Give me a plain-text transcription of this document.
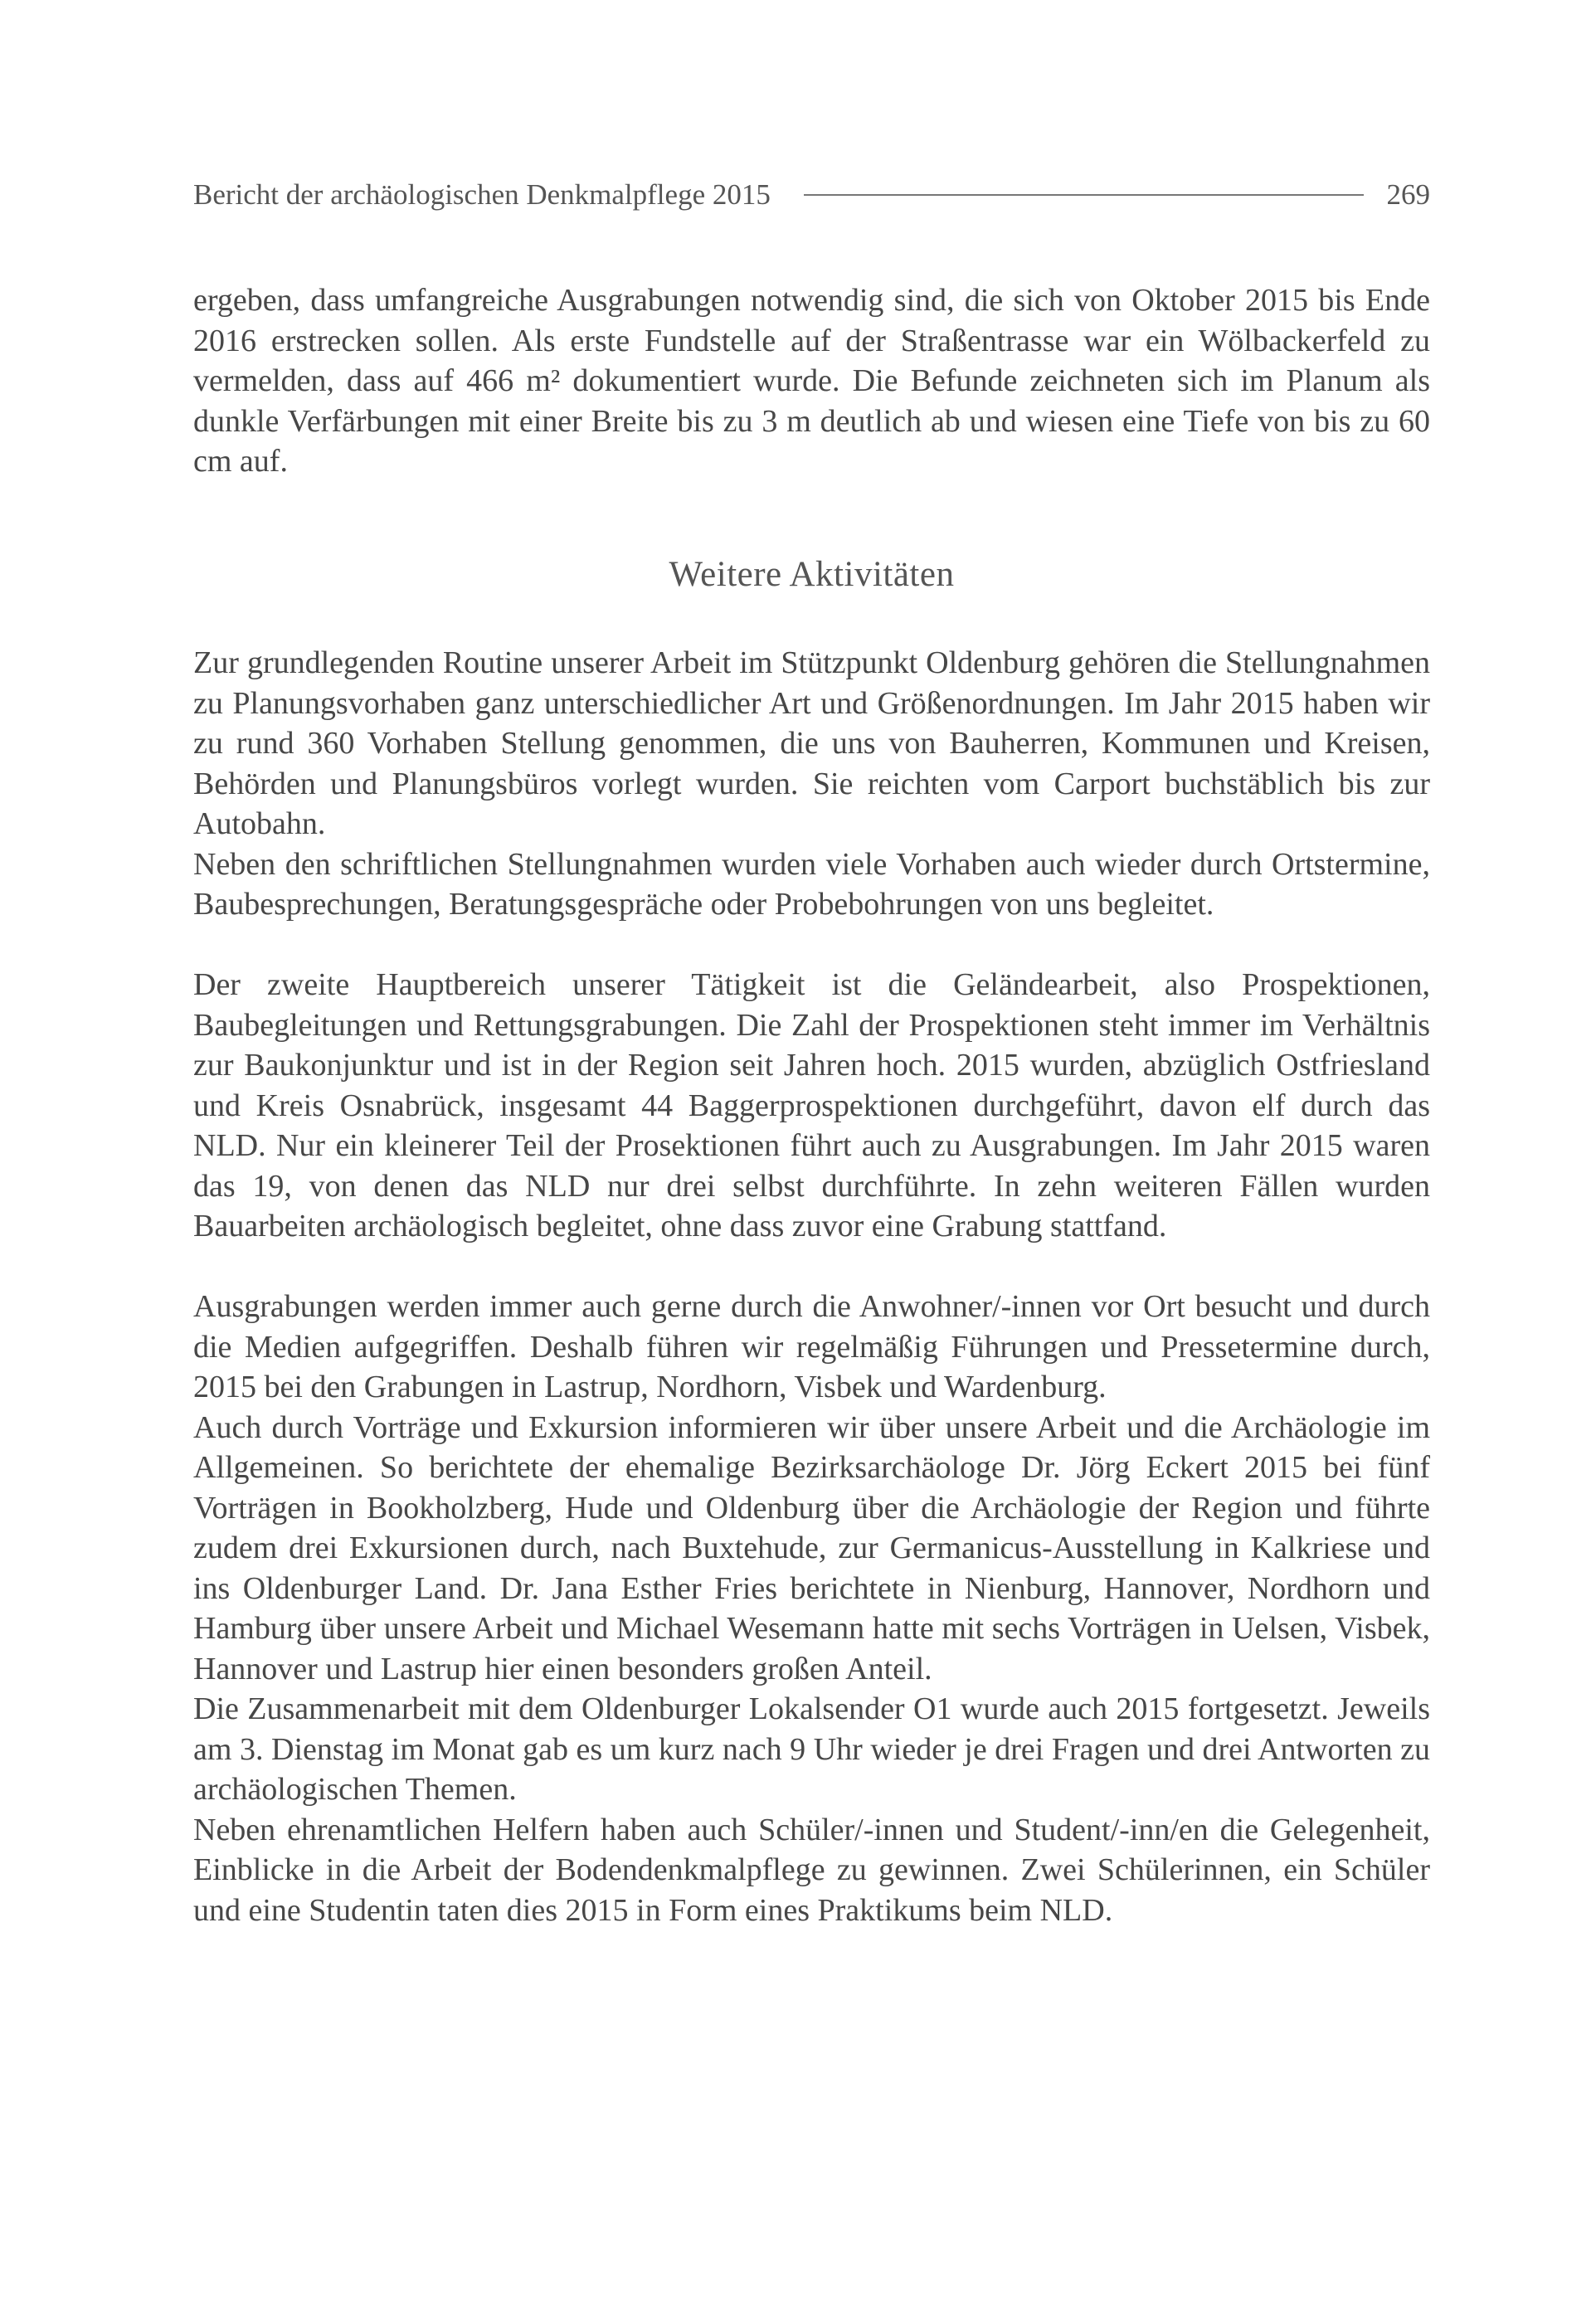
Bericht der archäologischen Denkmalpflege 2015	269

ergeben, dass umfangreiche Ausgrabungen notwendig sind, die sich von Oktober 2015 bis Ende 2016 erstrecken sollen. Als erste Fundstelle auf der Straßentrasse war ein Wölbackerfeld zu vermelden, dass auf 466 m² dokumentiert wurde. Die Befunde zeichneten sich im Planum als dunkle Verfärbungen mit einer Breite bis zu 3 m deutlich ab und wiesen eine Tiefe von bis zu 60 cm auf.

Weitere Aktivitäten

Zur grundlegenden Routine unserer Arbeit im Stützpunkt Oldenburg gehören die Stellungnahmen zu Planungsvorhaben ganz unterschiedlicher Art und Größenordnungen. Im Jahr 2015 haben wir zu rund 360 Vorhaben Stellung genommen, die uns von Bauherren, Kommunen und Kreisen, Behörden und Planungsbüros vorlegt wurden. Sie reichten vom Carport buchstäblich bis zur Autobahn.

Neben den schriftlichen Stellungnahmen wurden viele Vorhaben auch wieder durch Ortstermine, Baubesprechungen, Beratungsgespräche oder Probebohrungen von uns begleitet.

Der zweite Hauptbereich unserer Tätigkeit ist die Geländearbeit, also Prospektionen, Baubegleitungen und Rettungsgrabungen. Die Zahl der Prospektionen steht immer im Verhältnis zur Baukonjunktur und ist in der Region seit Jahren hoch. 2015 wurden, abzüglich Ostfriesland und Kreis Osnabrück, insgesamt 44 Baggerprospektionen durchgeführt, davon elf durch das NLD. Nur ein kleinerer Teil der Prosektionen führt auch zu Ausgrabungen. Im Jahr 2015 waren das 19, von denen das NLD nur drei selbst durchführte. In zehn weiteren Fällen wurden Bauarbeiten archäologisch begleitet, ohne dass zuvor eine Grabung stattfand.

Ausgrabungen werden immer auch gerne durch die Anwohner/-innen vor Ort besucht und durch die Medien aufgegriffen. Deshalb führen wir regelmäßig Führungen und Pressetermine durch, 2015 bei den Grabungen in Lastrup, Nordhorn, Visbek und Wardenburg.

Auch durch Vorträge und Exkursion informieren wir über unsere Arbeit und die Archäologie im Allgemeinen. So berichtete der ehemalige Bezirksarchäologe Dr. Jörg Eckert 2015 bei fünf Vorträgen in Bookholzberg, Hude und Oldenburg über die Archäologie der Region und führte zudem drei Exkursionen durch, nach Buxtehude, zur Germanicus-Ausstellung in Kalkriese und ins Oldenburger Land. Dr. Jana Esther Fries berichtete in Nienburg, Hannover, Nordhorn und Hamburg über unsere Arbeit und Michael Wesemann hatte mit sechs Vorträgen in Uelsen, Visbek, Hannover und Lastrup hier einen besonders großen Anteil.

Die Zusammenarbeit mit dem Oldenburger Lokalsender O1 wurde auch 2015 fortgesetzt. Jeweils am 3. Dienstag im Monat gab es um kurz nach 9 Uhr wieder je drei Fragen und drei Antworten zu archäologischen Themen.

Neben ehrenamtlichen Helfern haben auch Schüler/-innen und Student/-inn/en die Gelegenheit, Einblicke in die Arbeit der Bodendenkmalpflege zu gewinnen. Zwei Schülerinnen, ein Schüler und eine Studentin taten dies 2015 in Form eines Praktikums beim NLD.
